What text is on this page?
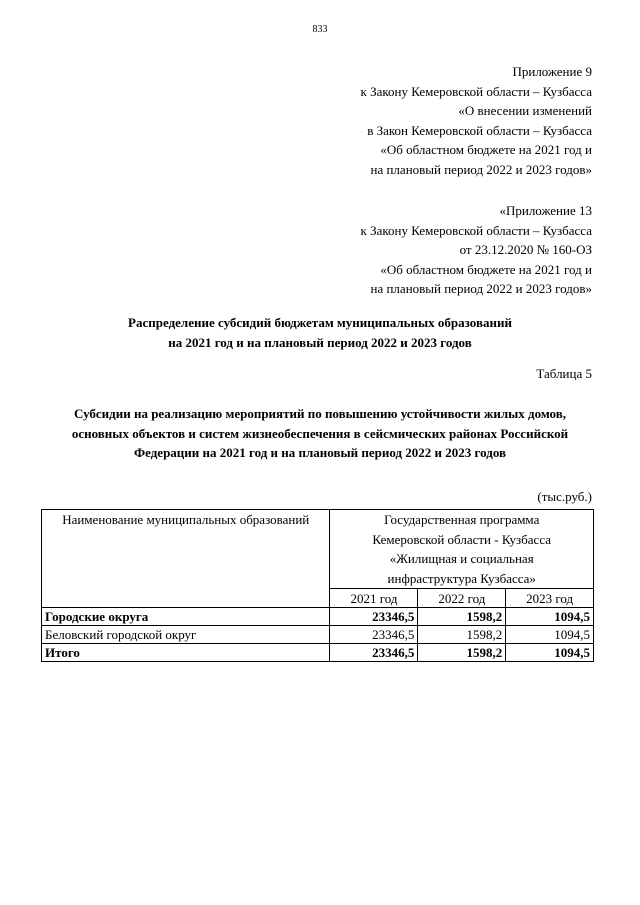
833
Приложение 9
к Закону Кемеровской области – Кузбасса
«О внесении изменений
в Закон Кемеровской области – Кузбасса
«Об областном бюджете на 2021 год и
на плановый период 2022 и 2023 годов»
«Приложение 13
к Закону Кемеровской области – Кузбасса
от 23.12.2020 № 160-ОЗ
«Об областном бюджете на 2021 год и
на плановый период 2022 и 2023 годов»
Распределение субсидий бюджетам муниципальных образований
на 2021 год и на плановый период 2022 и 2023 годов
Таблица 5
Субсидии на реализацию мероприятий по повышению устойчивости жилых домов,
основных объектов и систем жизнеобеспечения в сейсмических районах Российской
Федерации на 2021 год и на плановый период 2022 и 2023 годов
(тыс.руб.)
Наименование муниципальных образований	Государственная программа
Кемеровской области - Кузбасса
«Жилищная и социальная
инфраструктура Кузбасса»		

	2021 год	2022 год	2023 год
Городские округа	23346,5	1598,2	1094,5
Беловский городской округ	23346,5	1598,2	1094,5
Итого	23346,5	1598,2	1094,5
